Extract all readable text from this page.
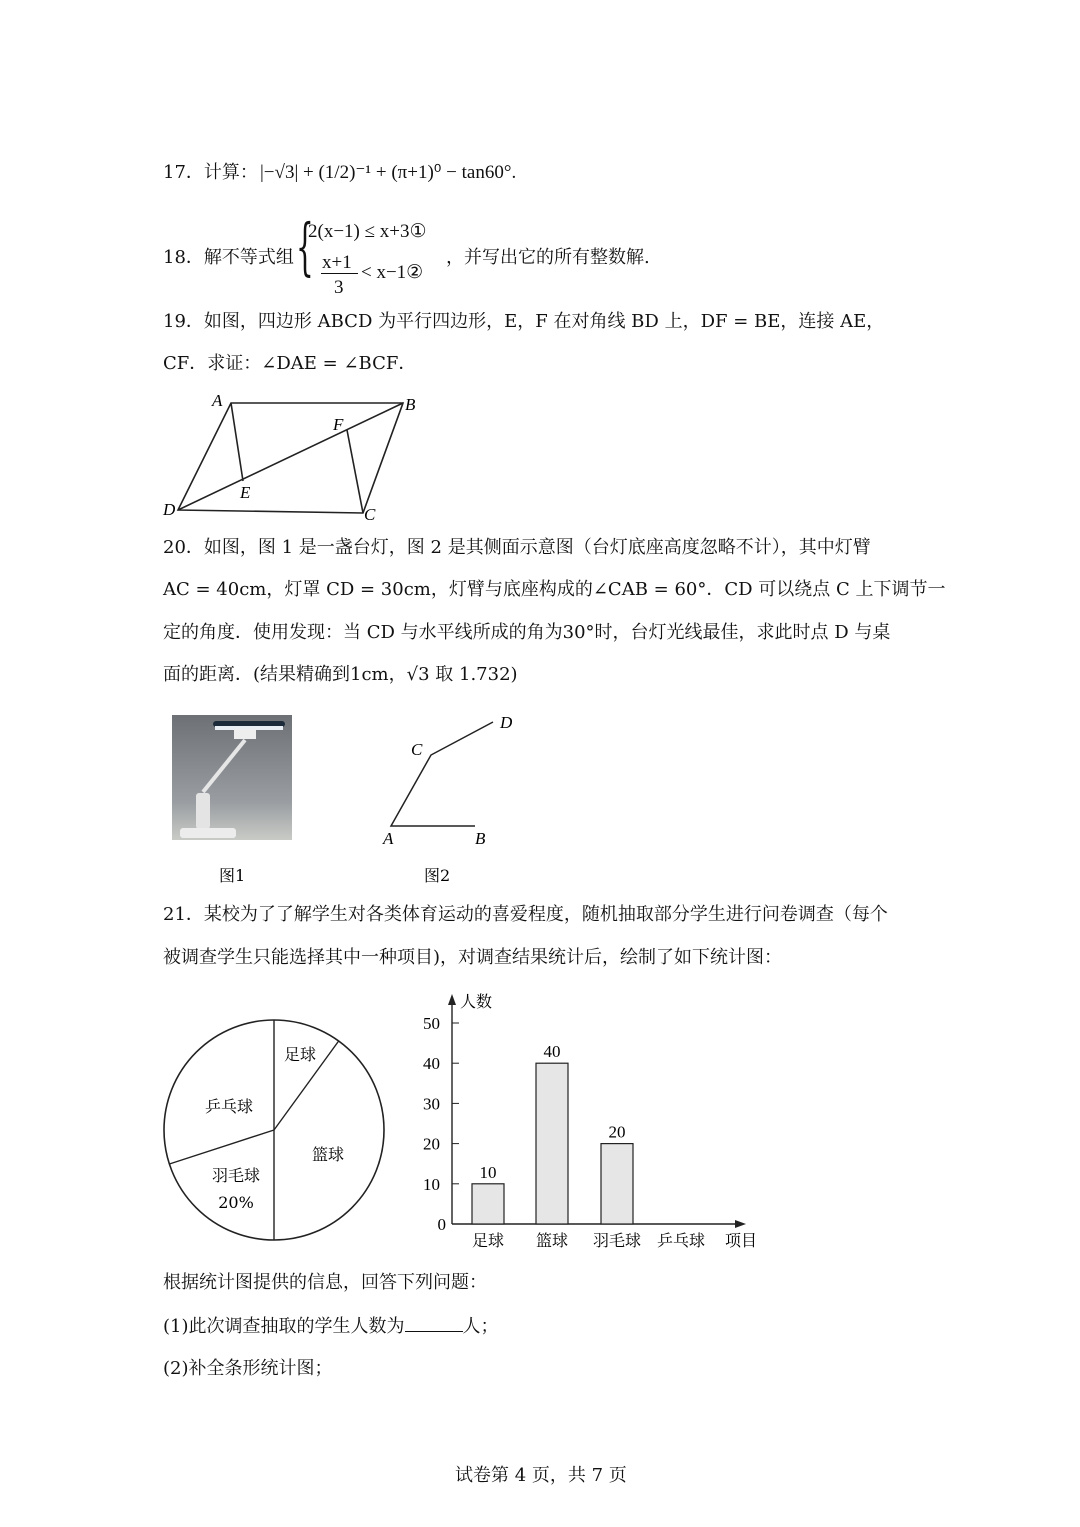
17．计算： |−√3| + (1/2)⁻¹ + (π+1)⁰ − tan60°.
18．解不等式组 {
2(x−1) ≤ x+3①
x+1
3
< x−1②
，并写出它的所有整数解.
19．如图，四边形 ABCD 为平行四边形，E，F 在对角线 BD 上，DF = BE，连接 AE，
CF．求证：∠DAE = ∠BCF．
A	B
C
D
E
F
A	B
C
D
图1	图2
足球
篮球
羽毛球
20%
乒乓球
人数
项目
0
10
20
30
40
50
足球
10
篮球
40
羽毛球
20
乒乓球
20．如图，图 1 是一盏台灯，图 2 是其侧面示意图（台灯底座高度忽略不计），其中灯臂
AC = 40cm，灯罩 CD = 30cm，灯臂与底座构成的∠CAB = 60°．CD 可以绕点 C 上下调节一
定的角度．使用发现：当 CD 与水平线所成的角为30°时，台灯光线最佳，求此时点 D 与桌
面的距离．(结果精确到1cm，√3 取 1.732)
21．某校为了了解学生对各类体育运动的喜爱程度，随机抽取部分学生进行问卷调查（每个
被调查学生只能选择其中一种项目)，对调查结果统计后，绘制了如下统计图：
根据统计图提供的信息，回答下列问题：
(1)此次调查抽取的学生人数为	人；
(2)补全条形统计图；
试卷第 4 页，共 7 页
